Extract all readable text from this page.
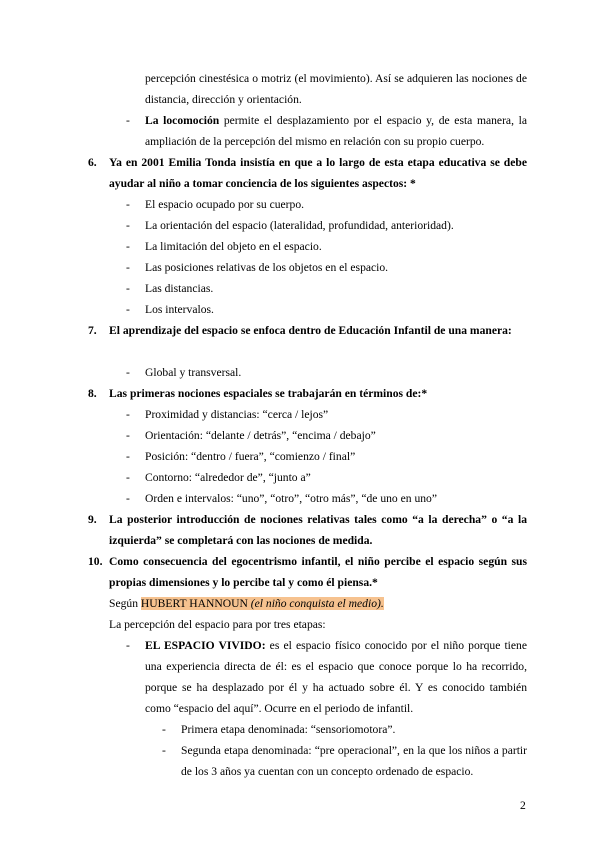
percepción cinestésica o motriz (el movimiento). Así se adquieren las nociones de distancia, dirección y orientación.
-	La locomoción permite el desplazamiento por el espacio y, de esta manera, la ampliación de la percepción del mismo en relación con su propio cuerpo.
6.	Ya en 2001 Emilia Tonda insistía en que a lo largo de esta etapa educativa se debe ayudar al niño a tomar conciencia de los siguientes aspectos: *
-	El espacio ocupado por su cuerpo.
-	La orientación del espacio (lateralidad, profundidad, anterioridad).
-	La limitación del objeto en el espacio.
-	Las posiciones relativas de los objetos en el espacio.
-	Las distancias.
-	Los intervalos.
7.	El aprendizaje del espacio se enfoca dentro de Educación Infantil de una manera:
-	Global y transversal.
8.	Las primeras nociones espaciales se trabajarán en términos de:*
-	Proximidad y distancias: “cerca / lejos”
-	Orientación: “delante / detrás”, “encima / debajo”
-	Posición: “dentro / fuera”, “comienzo / final”
-	Contorno: “alrededor de”, “junto a”
-	Orden e intervalos: “uno”, “otro”, “otro más”, “de uno en uno”
9.	La posterior introducción de nociones relativas tales como “a la derecha” o “a la izquierda” se completará con las nociones de medida.
10. Como consecuencia del egocentrismo infantil, el niño percibe el espacio según sus propias dimensiones y lo percibe tal y como él piensa.*
Según HUBERT HANNOUN (el niño conquista el medio).
La percepción del espacio para por tres etapas:
-	EL ESPACIO VIVIDO: es el espacio físico conocido por el niño porque tiene una experiencia directa de él: es el espacio que conoce porque lo ha recorrido, porque se ha desplazado por él y ha actuado sobre él. Y es conocido también como “espacio del aquí”. Ocurre en el periodo de infantil.
- Primera etapa denominada: “sensoriomotora”.
- Segunda etapa denominada: “pre operacional”, en la que los niños a partir de los 3 años ya cuentan con un concepto ordenado de espacio.
2
